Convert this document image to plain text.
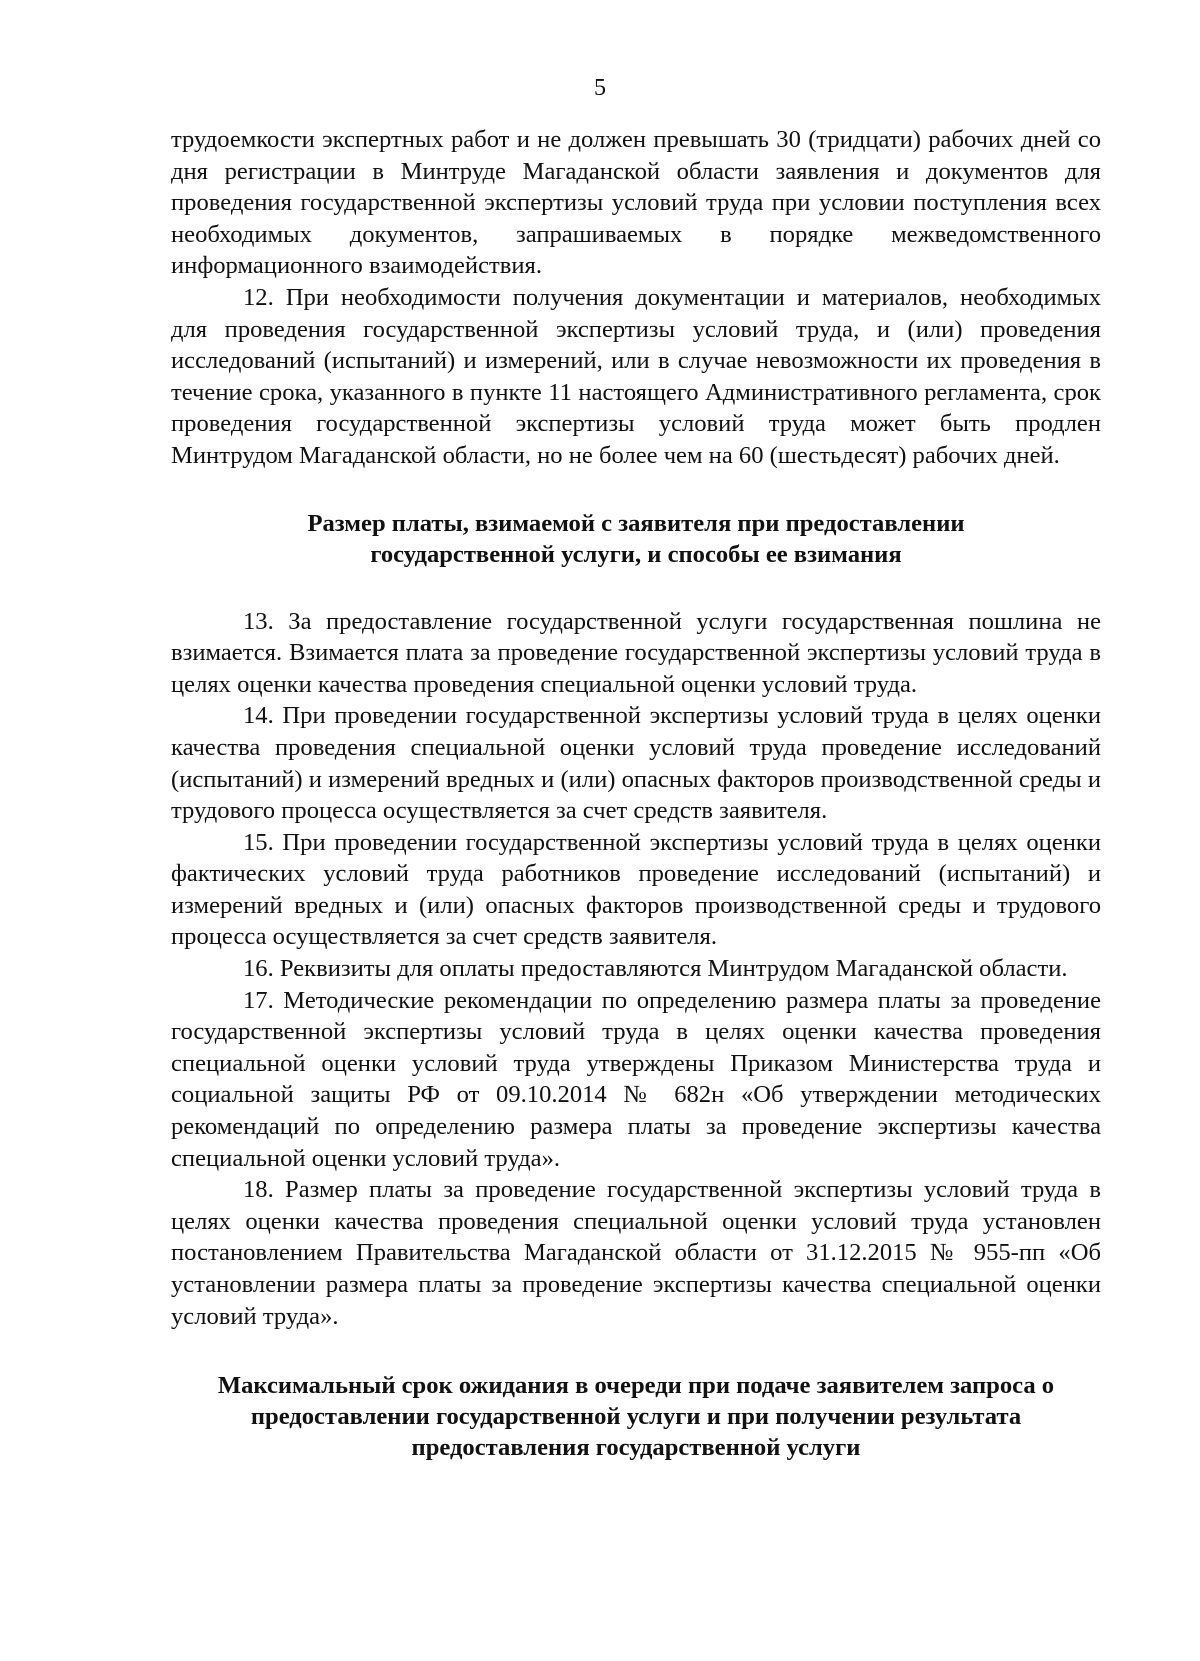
5

трудоемкости экспертных работ и не должен превышать 30 (тридцати) рабочих дней со дня регистрации в Минтруде Магаданской области заявления и документов для проведения государственной экспертизы условий труда при условии поступления всех необходимых документов, запрашиваемых в порядке межведомственного информационного взаимодействия.

12. При необходимости получения документации и материалов, необходимых для проведения государственной экспертизы условий труда, и (или) проведения исследований (испытаний) и измерений, или в случае невозможности их проведения в течение срока, указанного в пункте 11 настоящего Административного регламента, срок проведения государственной экспертизы условий труда может быть продлен Минтрудом Магаданской области, но не более чем на 60 (шестьдесят) рабочих дней.

Размер платы, взимаемой с заявителя при предоставлении
государственной услуги, и способы ее взимания

13. За предоставление государственной услуги государственная пошлина не взимается. Взимается плата за проведение государственной экспертизы условий труда в целях оценки качества проведения специальной оценки условий труда.

14. При проведении государственной экспертизы условий труда в целях оценки качества проведения специальной оценки условий труда проведение исследований (испытаний) и измерений вредных и (или) опасных факторов производственной среды и трудового процесса осуществляется за счет средств заявителя.

15. При проведении государственной экспертизы условий труда в целях оценки фактических условий труда работников проведение исследований (испытаний) и измерений вредных и (или) опасных факторов производственной среды и трудового процесса осуществляется за счет средств заявителя.

16. Реквизиты для оплаты предоставляются Минтрудом Магаданской области.

17. Методические рекомендации по определению размера платы за проведение государственной экспертизы условий труда в целях оценки качества проведения специальной оценки условий труда утверждены Приказом Министерства труда и социальной защиты РФ от 09.10.2014 № 682н «Об утверждении методических рекомендаций по определению размера платы за проведение экспертизы качества специальной оценки условий труда».

18. Размер платы за проведение государственной экспертизы условий труда в целях оценки качества проведения специальной оценки условий труда установлен постановлением Правительства Магаданской области от 31.12.2015 № 955-пп «Об установлении размера платы за проведение экспертизы качества специальной оценки условий труда».

Максимальный срок ожидания в очереди при подаче заявителем запроса о
предоставлении государственной услуги и при получении результата
предоставления государственной услуги
